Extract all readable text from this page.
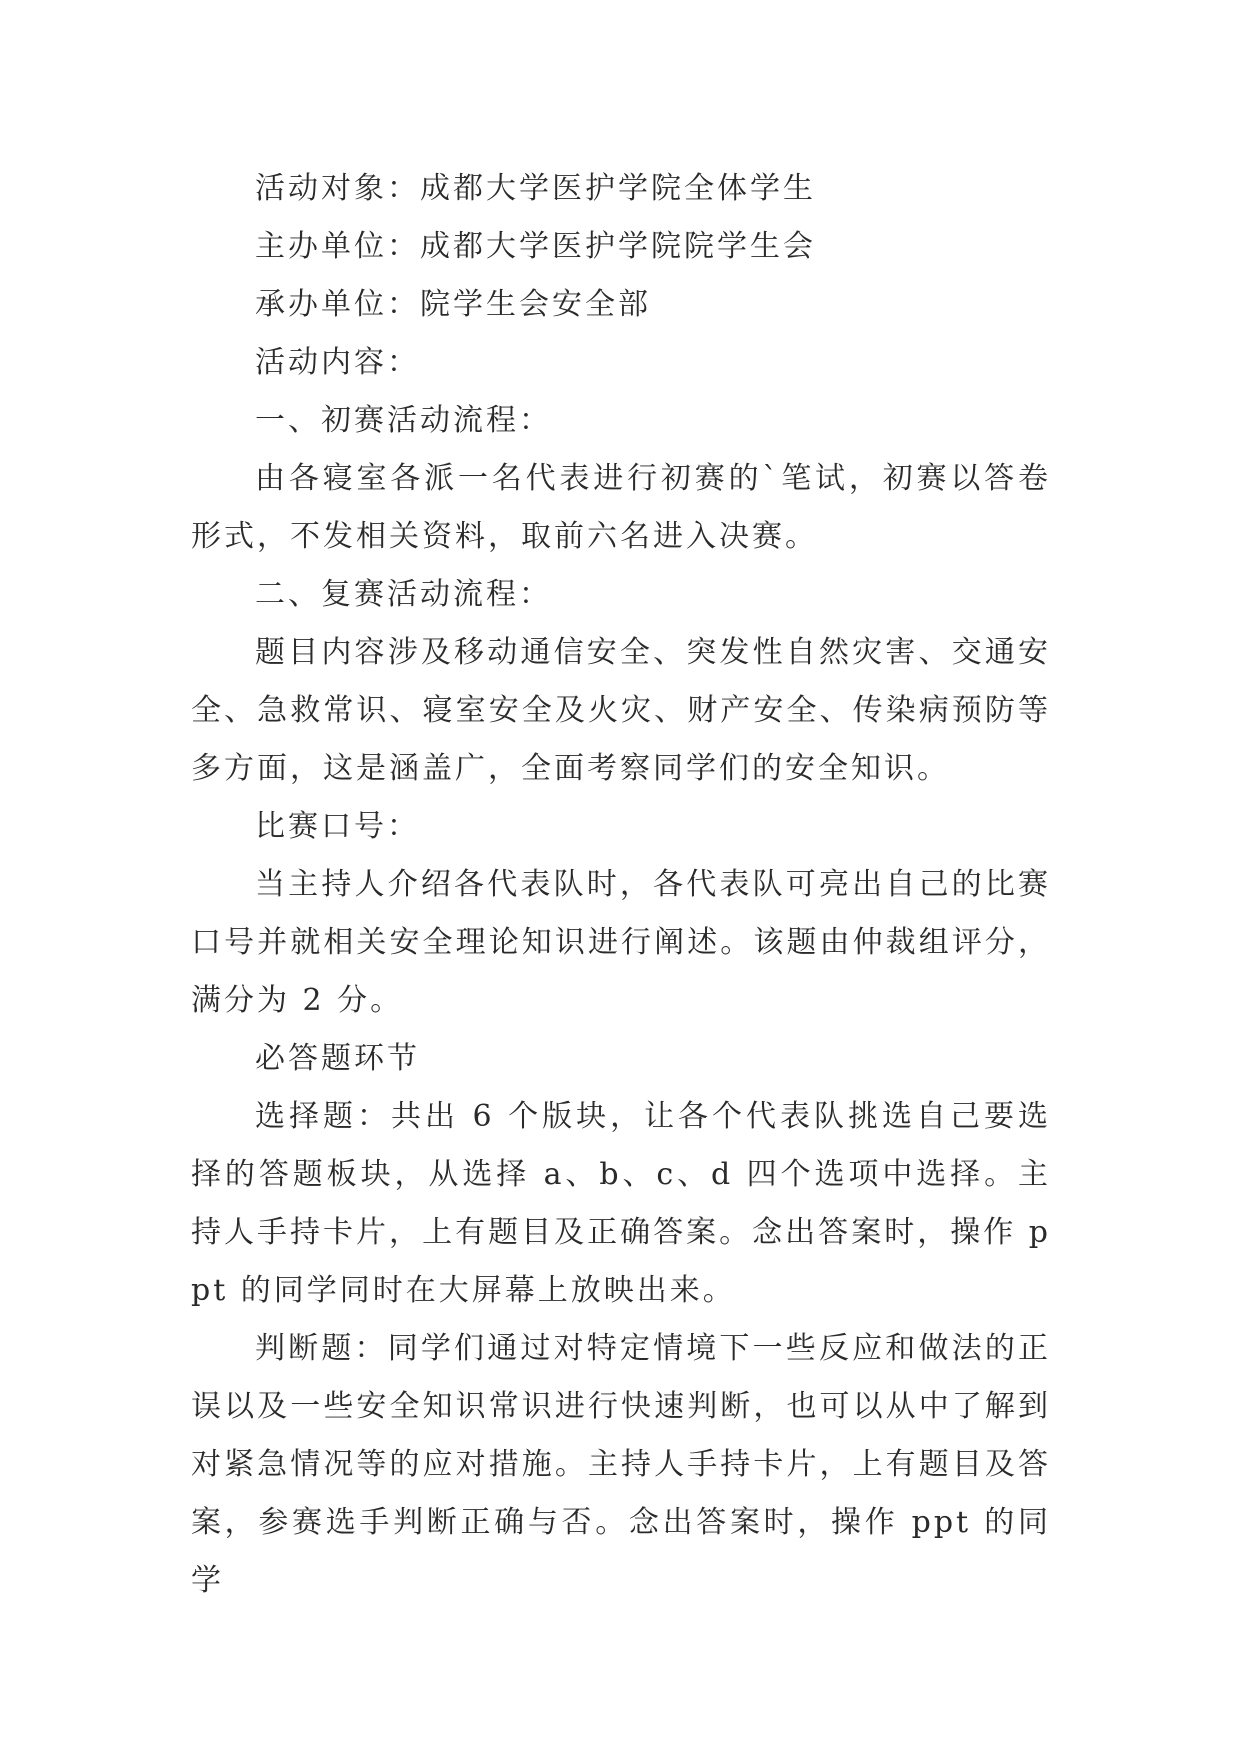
活动对象：成都大学医护学院全体学生

主办单位：成都大学医护学院院学生会

承办单位：院学生会安全部

活动内容：

一、初赛活动流程：

由各寝室各派一名代表进行初赛的`笔试，初赛以答卷形式，不发相关资料，取前六名进入决赛。

二、复赛活动流程：

题目内容涉及移动通信安全、突发性自然灾害、交通安全、急救常识、寝室安全及火灾、财产安全、传染病预防等多方面，这是涵盖广，全面考察同学们的安全知识。

比赛口号：

当主持人介绍各代表队时，各代表队可亮出自己的比赛口号并就相关安全理论知识进行阐述。该题由仲裁组评分，满分为 2 分。

必答题环节

选择题：共出 6 个版块，让各个代表队挑选自己要选择的答题板块，从选择 a、b、c、d 四个选项中选择。主持人手持卡片，上有题目及正确答案。念出答案时，操作 ppt 的同学同时在大屏幕上放映出来。

判断题：同学们通过对特定情境下一些反应和做法的正误以及一些安全知识常识进行快速判断，也可以从中了解到对紧急情况等的应对措施。主持人手持卡片，上有题目及答案，参赛选手判断正确与否。念出答案时，操作 ppt 的同学
